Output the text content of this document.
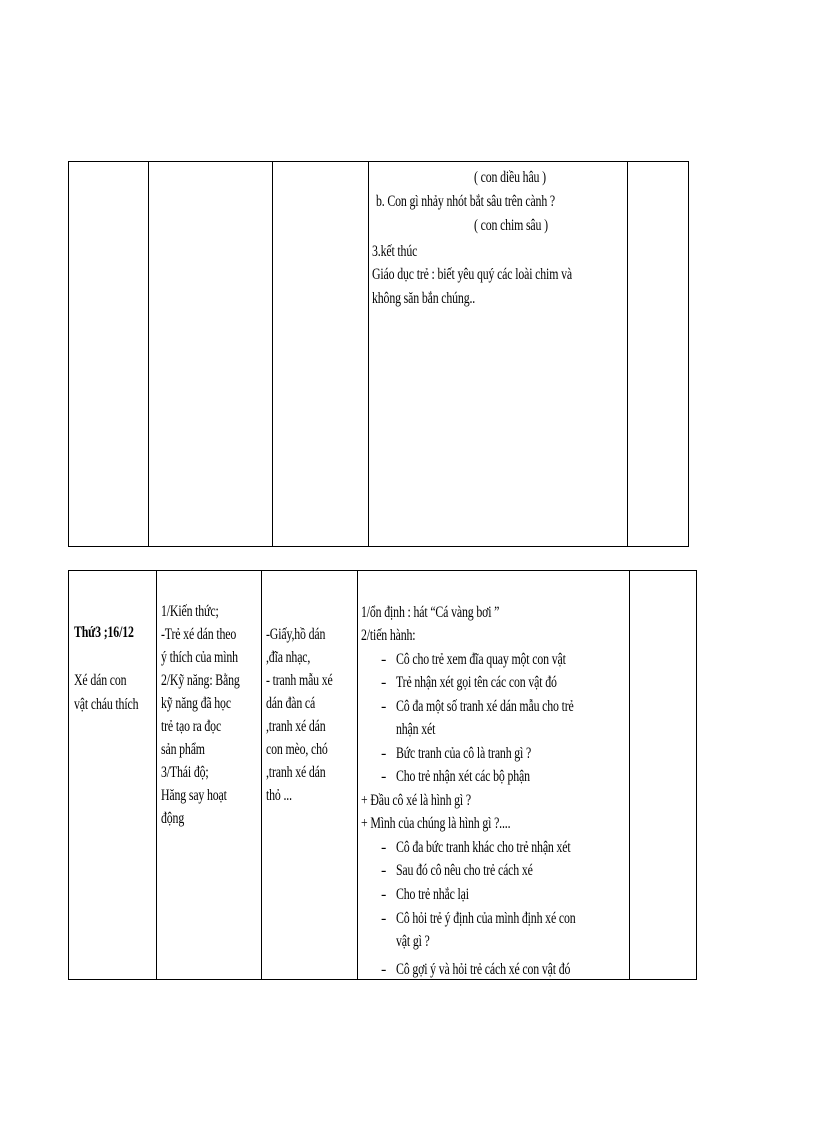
( con diều hâu )
b. Con gì nhảy nhót bắt sâu trên cành ?
( con chim sâu )
3.kết thúc
Giáo dục trẻ : biết yêu quý các loài chim và
không săn bắn chúng..
Thứ3 ;16/12
Xé dán con
vật cháu thích
1/Kiến thức;
-Trẻ xé dán theo
ý thích của mình
2/Kỹ năng: Bằng
kỹ năng đã học
trẻ tạo ra đọc
sản phẩm
3/Thái độ;
Hăng say hoạt
động
-Giấy,hồ dán
,đĩa nhạc,
- tranh mẫu xé
dán đàn cá
,tranh xé dán
con mèo, chó
,tranh xé dán
thỏ ...
1/ổn định : hát “Cá vàng bơi ”
2/tiến hành:
- Cô cho trẻ xem đĩa quay một con vật
- Trẻ nhận xét gọi tên các con vật đó
- Cô đa một số tranh xé dán mẫu cho trẻ
nhận xét
- Bức tranh của cô là tranh gì ?
- Cho trẻ nhận xét các bộ phận
+ Đầu cô xé là hình gì ?
+ Mình của chúng là hình gì ?....
- Cô đa bức tranh khác cho trẻ nhận xét
- Sau đó cô nêu cho trẻ cách xé
- Cho trẻ nhắc lại
- Cô hỏi trẻ ý định của mình định xé con
vật gì ?
- Cô gợi ý và hỏi trẻ cách xé con vật đó
